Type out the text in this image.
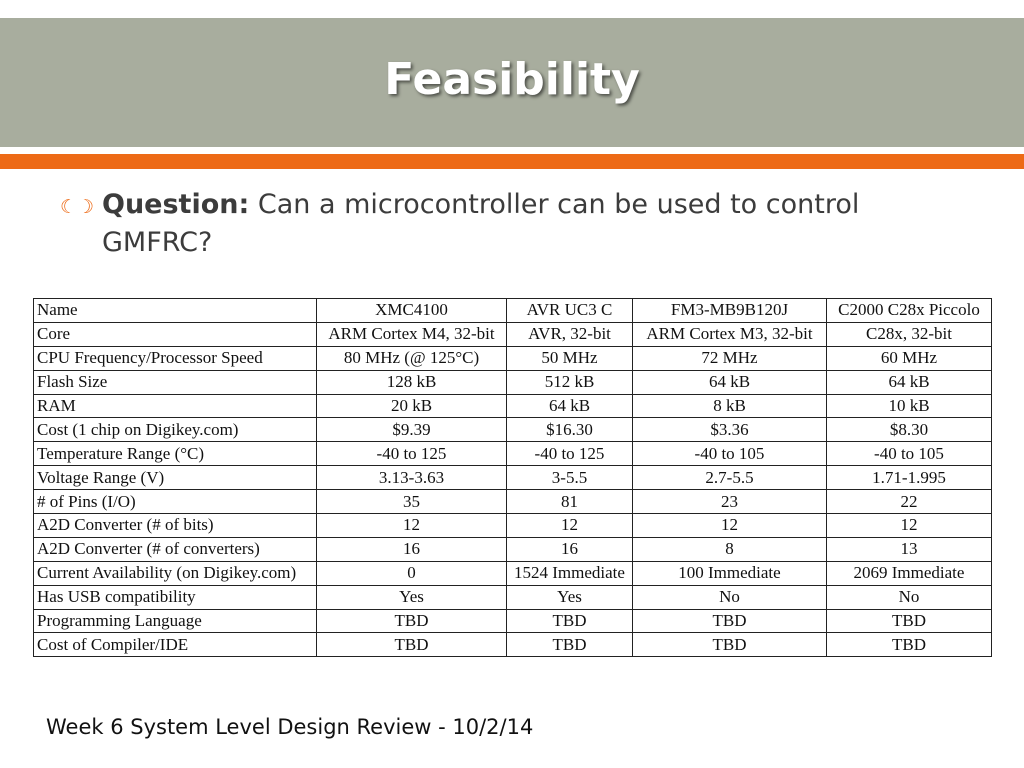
Feasibility
☾☽ Question: Can a microcontroller can be used to control GMFRC?
Name	XMC4100	AVR UC3 C	FM3-MB9B120J	C2000 C28x Piccolo
Core	ARM Cortex M4, 32-bit	AVR, 32-bit	ARM Cortex M3, 32-bit	C28x, 32-bit
CPU Frequency/Processor Speed	80 MHz (@ 125°C)	50 MHz	72 MHz	60 MHz
Flash Size	128 kB	512 kB	64 kB	64 kB
RAM	20 kB	64 kB	8 kB	10 kB
Cost (1 chip on Digikey.com)	$9.39	$16.30	$3.36	$8.30
Temperature Range (°C)	-40 to 125	-40 to 125	-40 to 105	-40 to 105
Voltage Range (V)	3.13-3.63	3-5.5	2.7-5.5	1.71-1.995
# of Pins (I/O)	35	81	23	22
A2D Converter (# of bits)	12	12	12	12
A2D Converter (# of converters)	16	16	8	13
Current Availability (on Digikey.com)	0	1524 Immediate	100 Immediate	2069 Immediate
Has USB compatibility	Yes	Yes	No	No
Programming Language	TBD	TBD	TBD	TBD
Cost of Compiler/IDE	TBD	TBD	TBD	TBD
Week 6 System Level Design Review - 10/2/14
